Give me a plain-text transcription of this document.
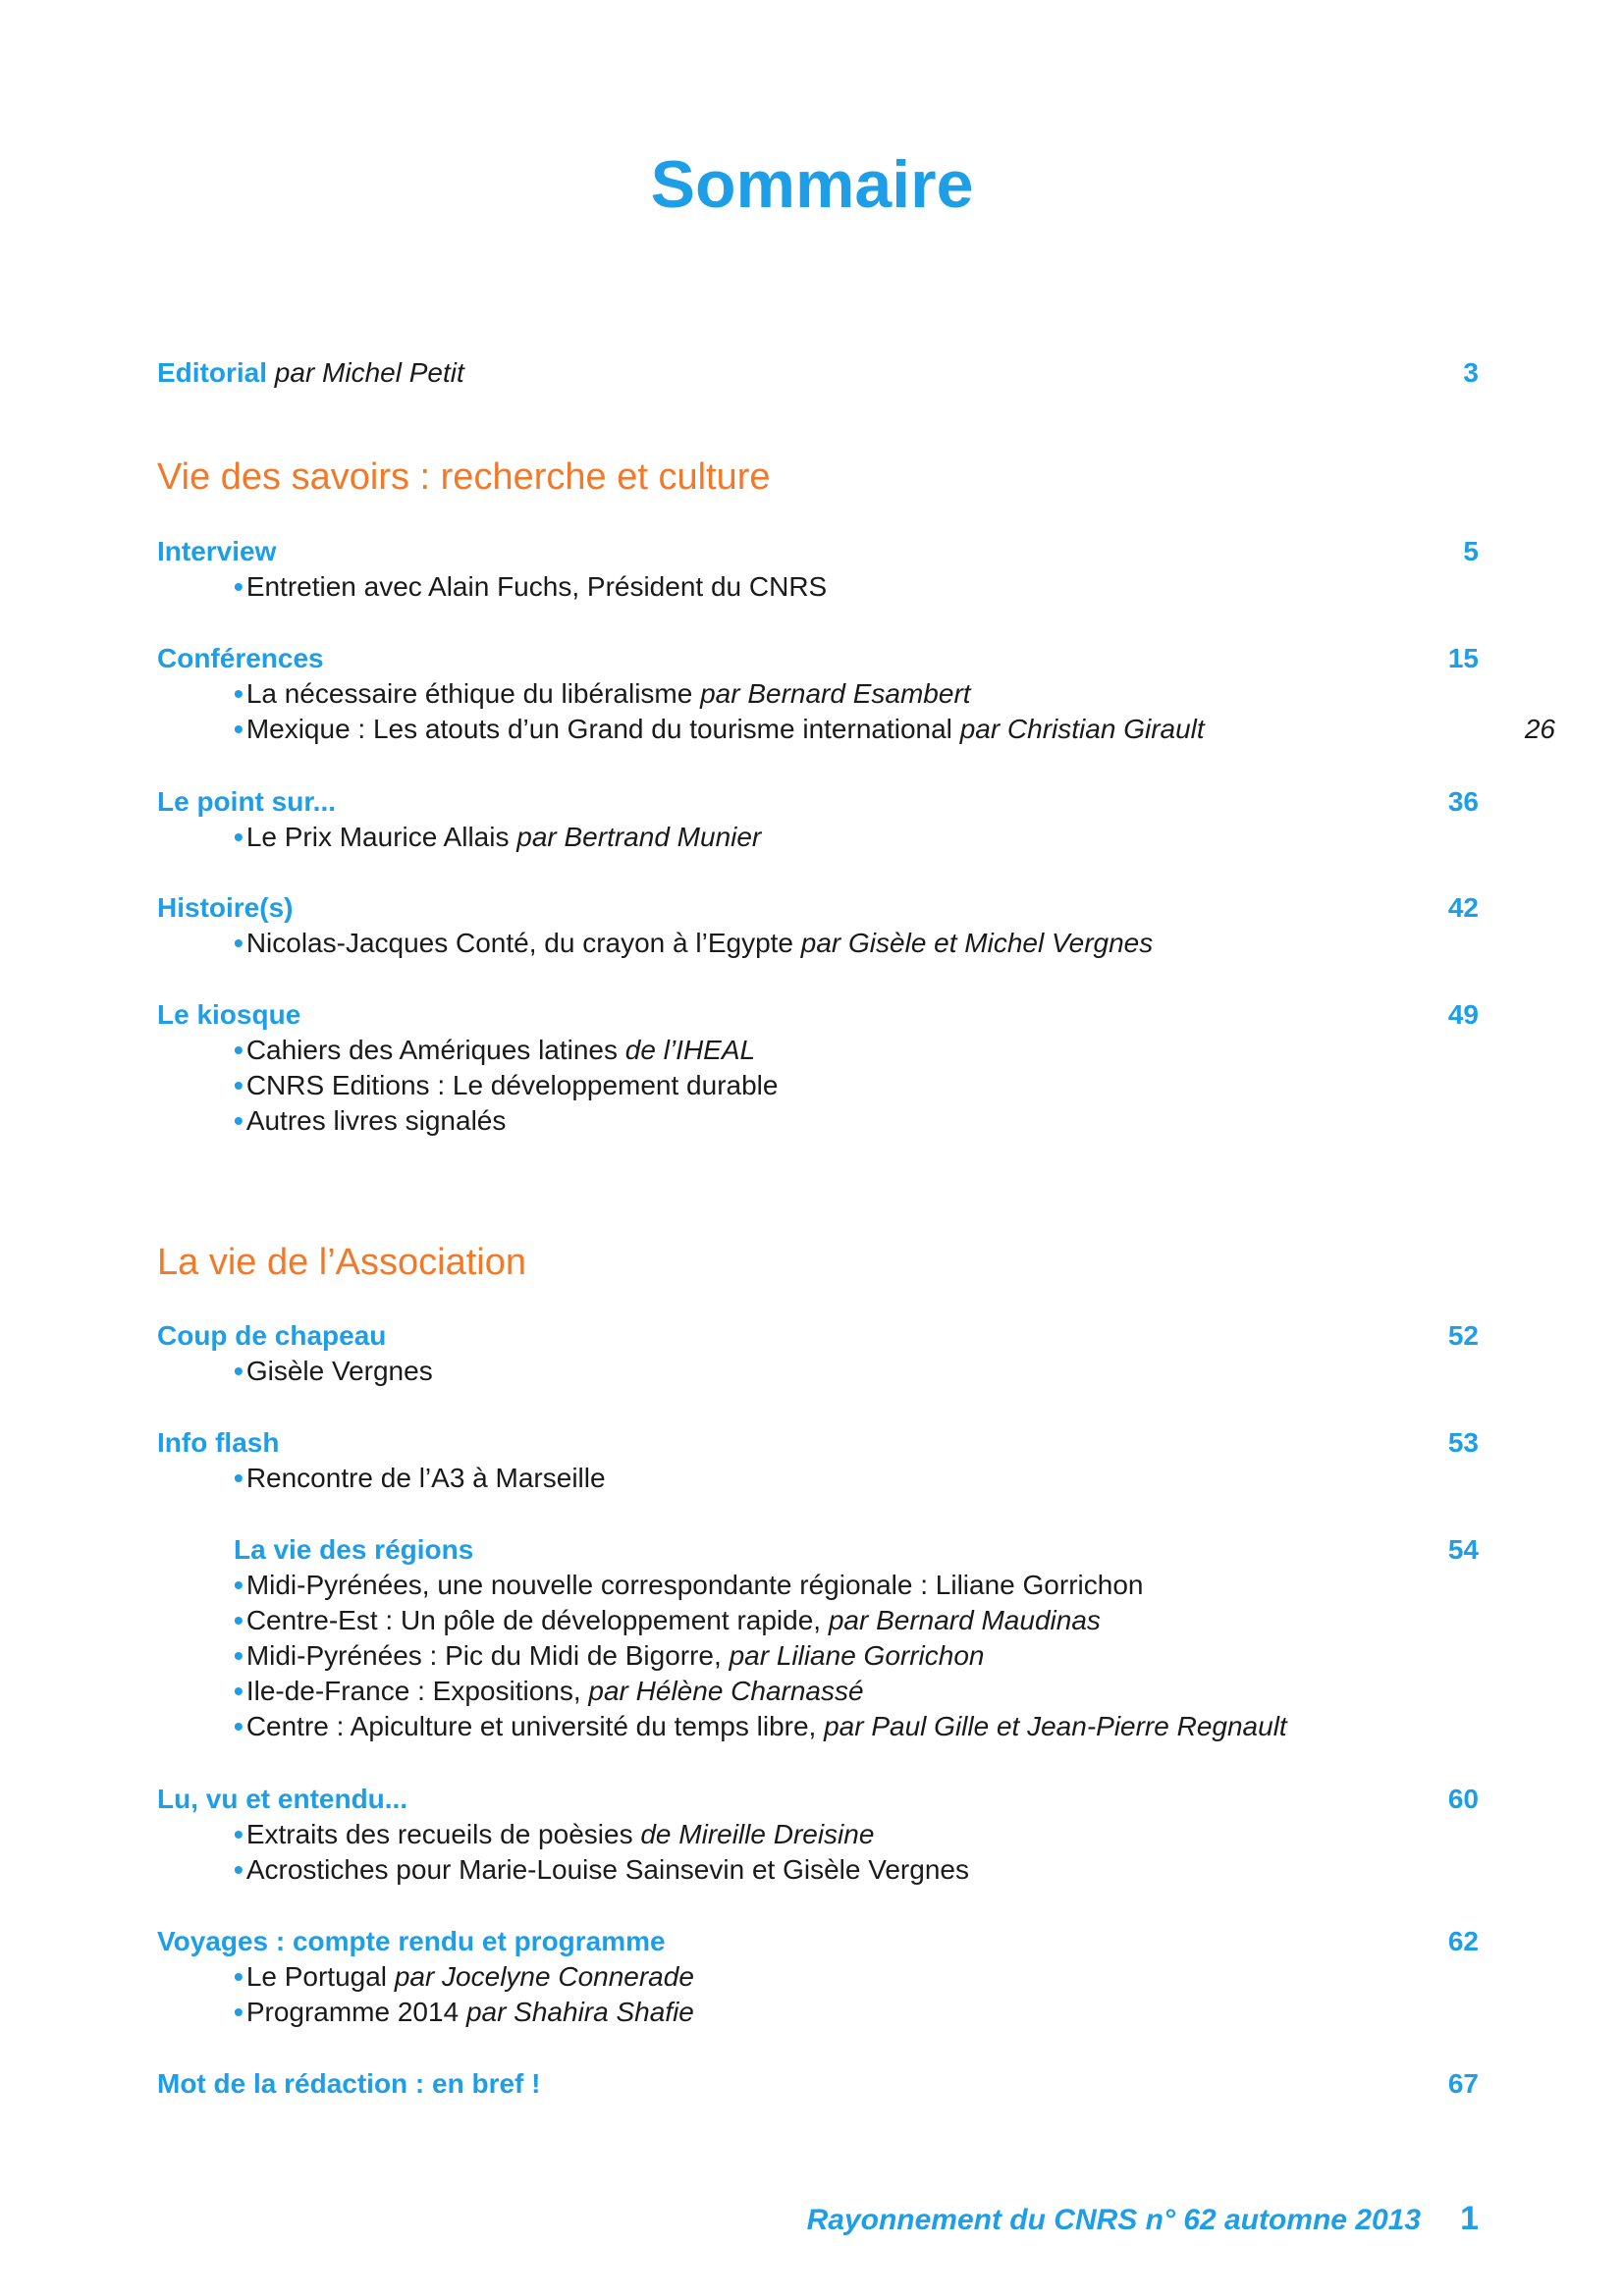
Sommaire
Editorial par Michel Petit	3
Vie des savoirs : recherche et culture
Interview	5
• Entretien avec Alain Fuchs, Président du CNRS
Conférences	15
• La nécessaire éthique du libéralisme par Bernard Esambert
• Mexique : Les atouts d’un Grand du tourisme international par Christian Girault	26
Le point sur...	36
• Le Prix Maurice Allais par Bertrand Munier
Histoire(s)	42
• Nicolas-Jacques Conté, du crayon à l’Egypte par Gisèle et Michel Vergnes
Le kiosque	49
• Cahiers des Amériques latines de l’IHEAL
• CNRS Editions : Le développement durable
• Autres livres signalés
La vie de l’Association
Coup de chapeau	52
• Gisèle Vergnes
Info flash	53
• Rencontre de l’A3 à Marseille
La vie des régions	54
• Midi-Pyrénées, une nouvelle correspondante régionale : Liliane Gorrichon
• Centre-Est : Un pôle de développement rapide, par Bernard Maudinas
• Midi-Pyrénées : Pic du Midi de Bigorre, par Liliane Gorrichon
• Ile-de-France : Expositions, par Hélène Charnassé
• Centre : Apiculture et université du temps libre, par Paul Gille et Jean-Pierre Regnault
Lu, vu et entendu...	60
• Extraits des recueils de poèsies de Mireille Dreisine
• Acrostiches pour Marie-Louise Sainsevin et Gisèle Vergnes
Voyages : compte rendu et programme	62
• Le Portugal par Jocelyne Connerade
• Programme 2014 par Shahira Shafie
Mot de la rédaction : en bref !	67
Rayonnement du CNRS n° 62 automne 2013 1
